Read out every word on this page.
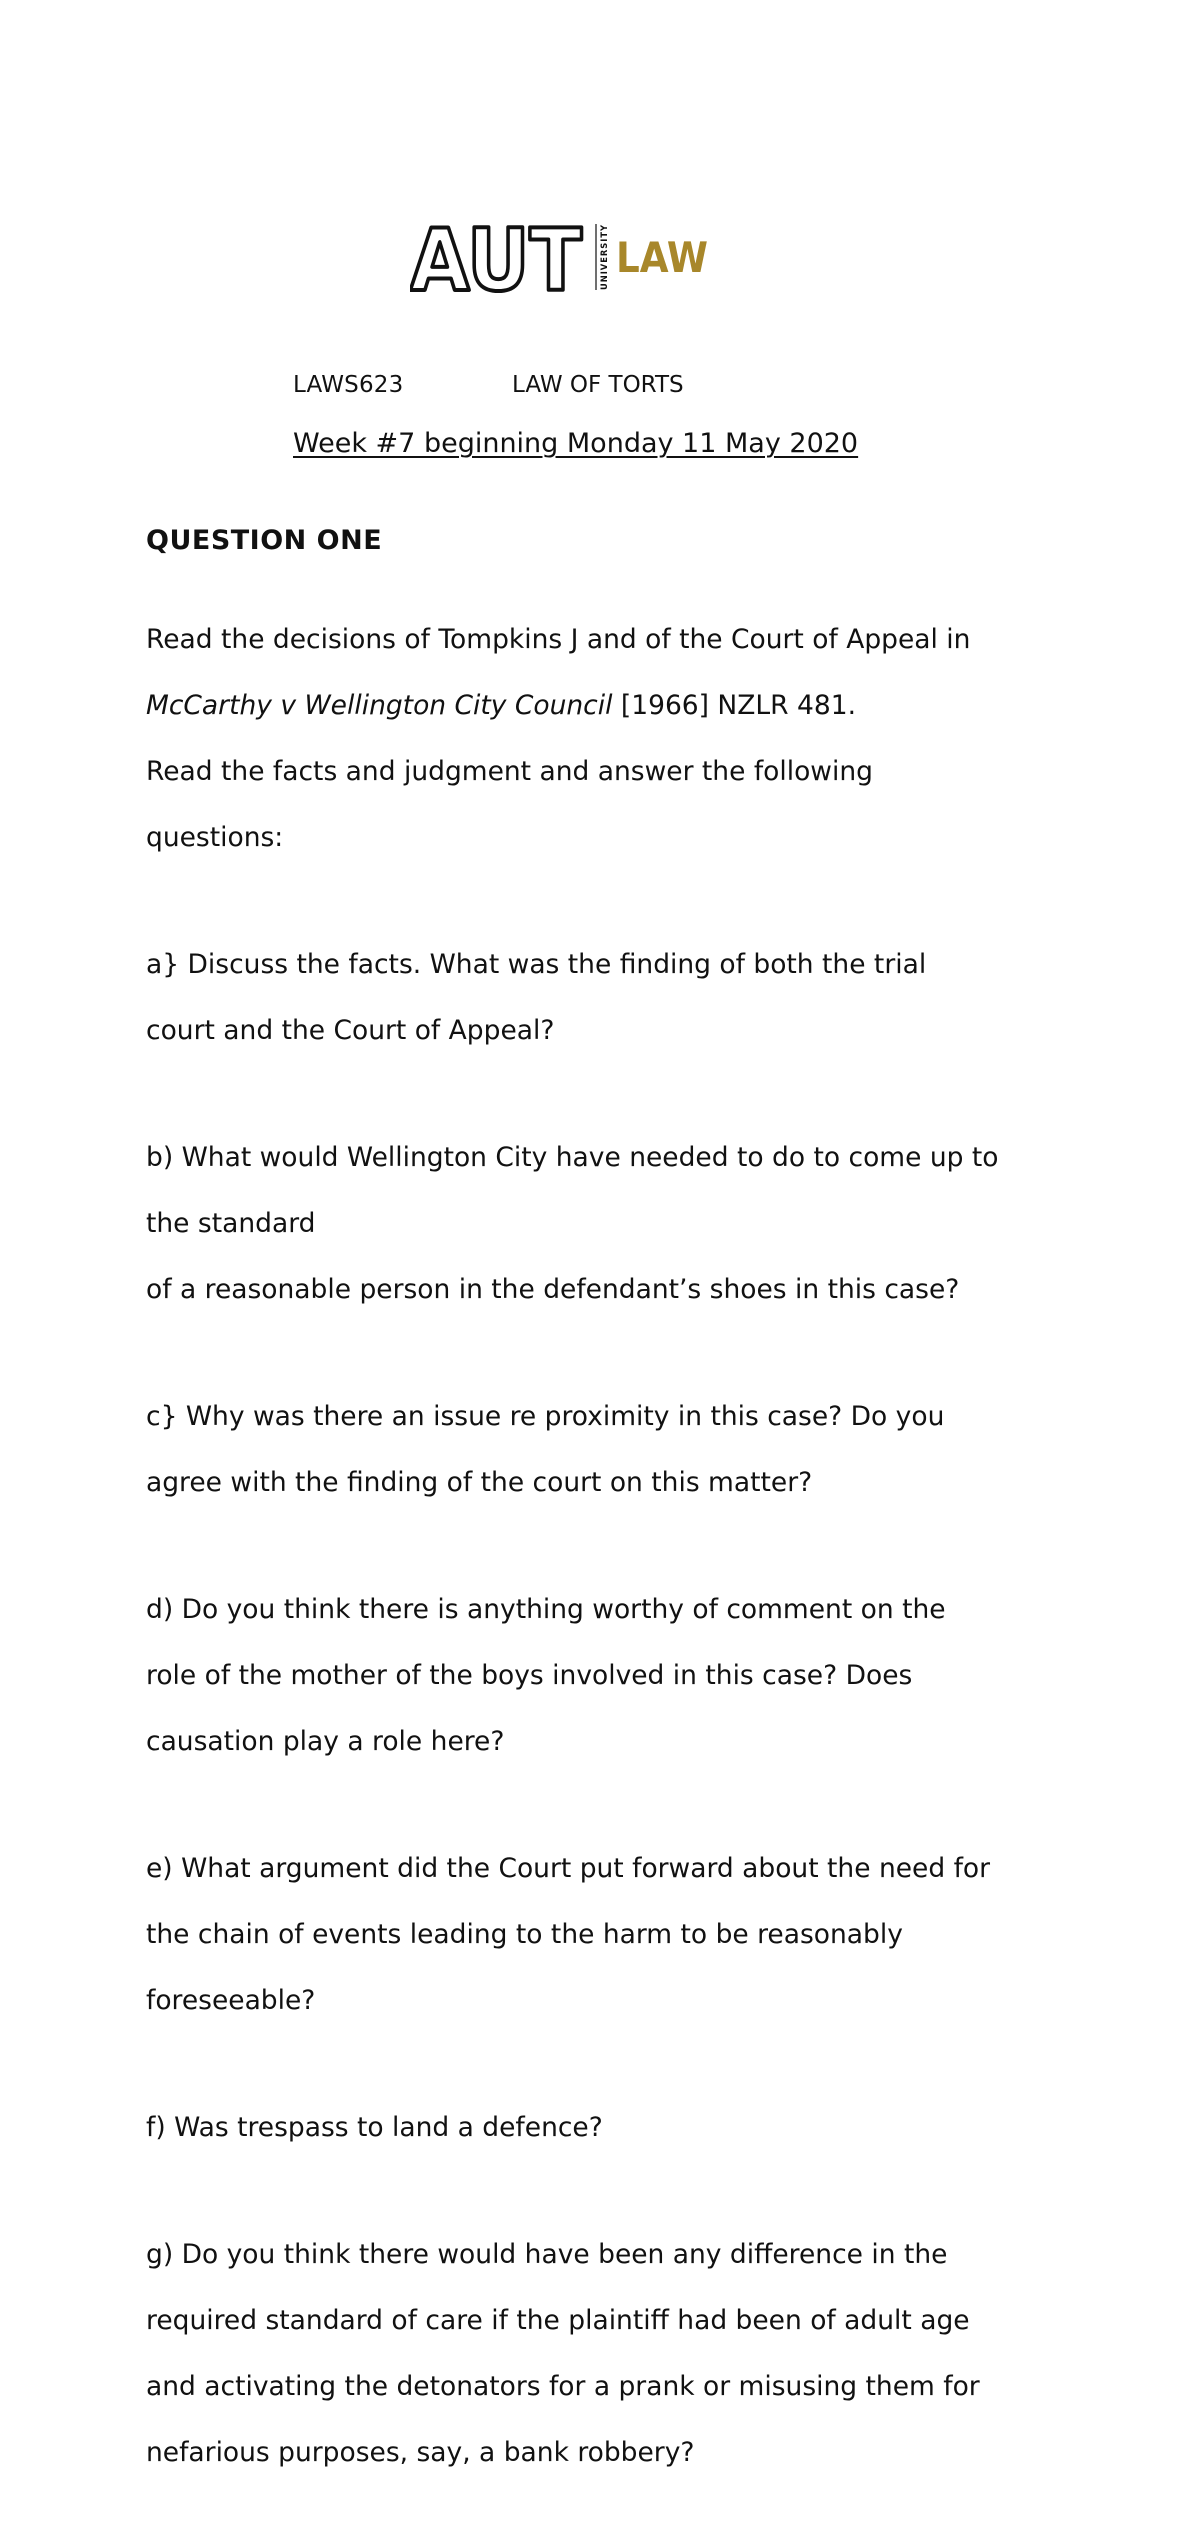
AUT UNIVERSITY LAW
LAWS623	LAW OF TORTS
Week #7 beginning Monday 11 May 2020
QUESTION ONE

Read the decisions of Tompkins J and of the Court of Appeal in

McCarthy v Wellington City Council [1966] NZLR 481.

Read the facts and judgment and answer the following

questions:

a} Discuss the facts. What was the finding of both the trial

court and the Court of Appeal?

b) What would Wellington City have needed to do to come up to

the standard

of a reasonable person in the defendant’s shoes in this case?

c} Why was there an issue re proximity in this case? Do you

agree with the finding of the court on this matter?

d) Do you think there is anything worthy of comment on the

role of the mother of the boys involved in this case? Does

causation play a role here?

e) What argument did the Court put forward about the need for

the chain of events leading to the harm to be reasonably

foreseeable?

f) Was trespass to land a defence?

g) Do you think there would have been any difference in the

required standard of care if the plaintiff had been of adult age

and activating the detonators for a prank or misusing them for

nefarious purposes, say, a bank robbery?
